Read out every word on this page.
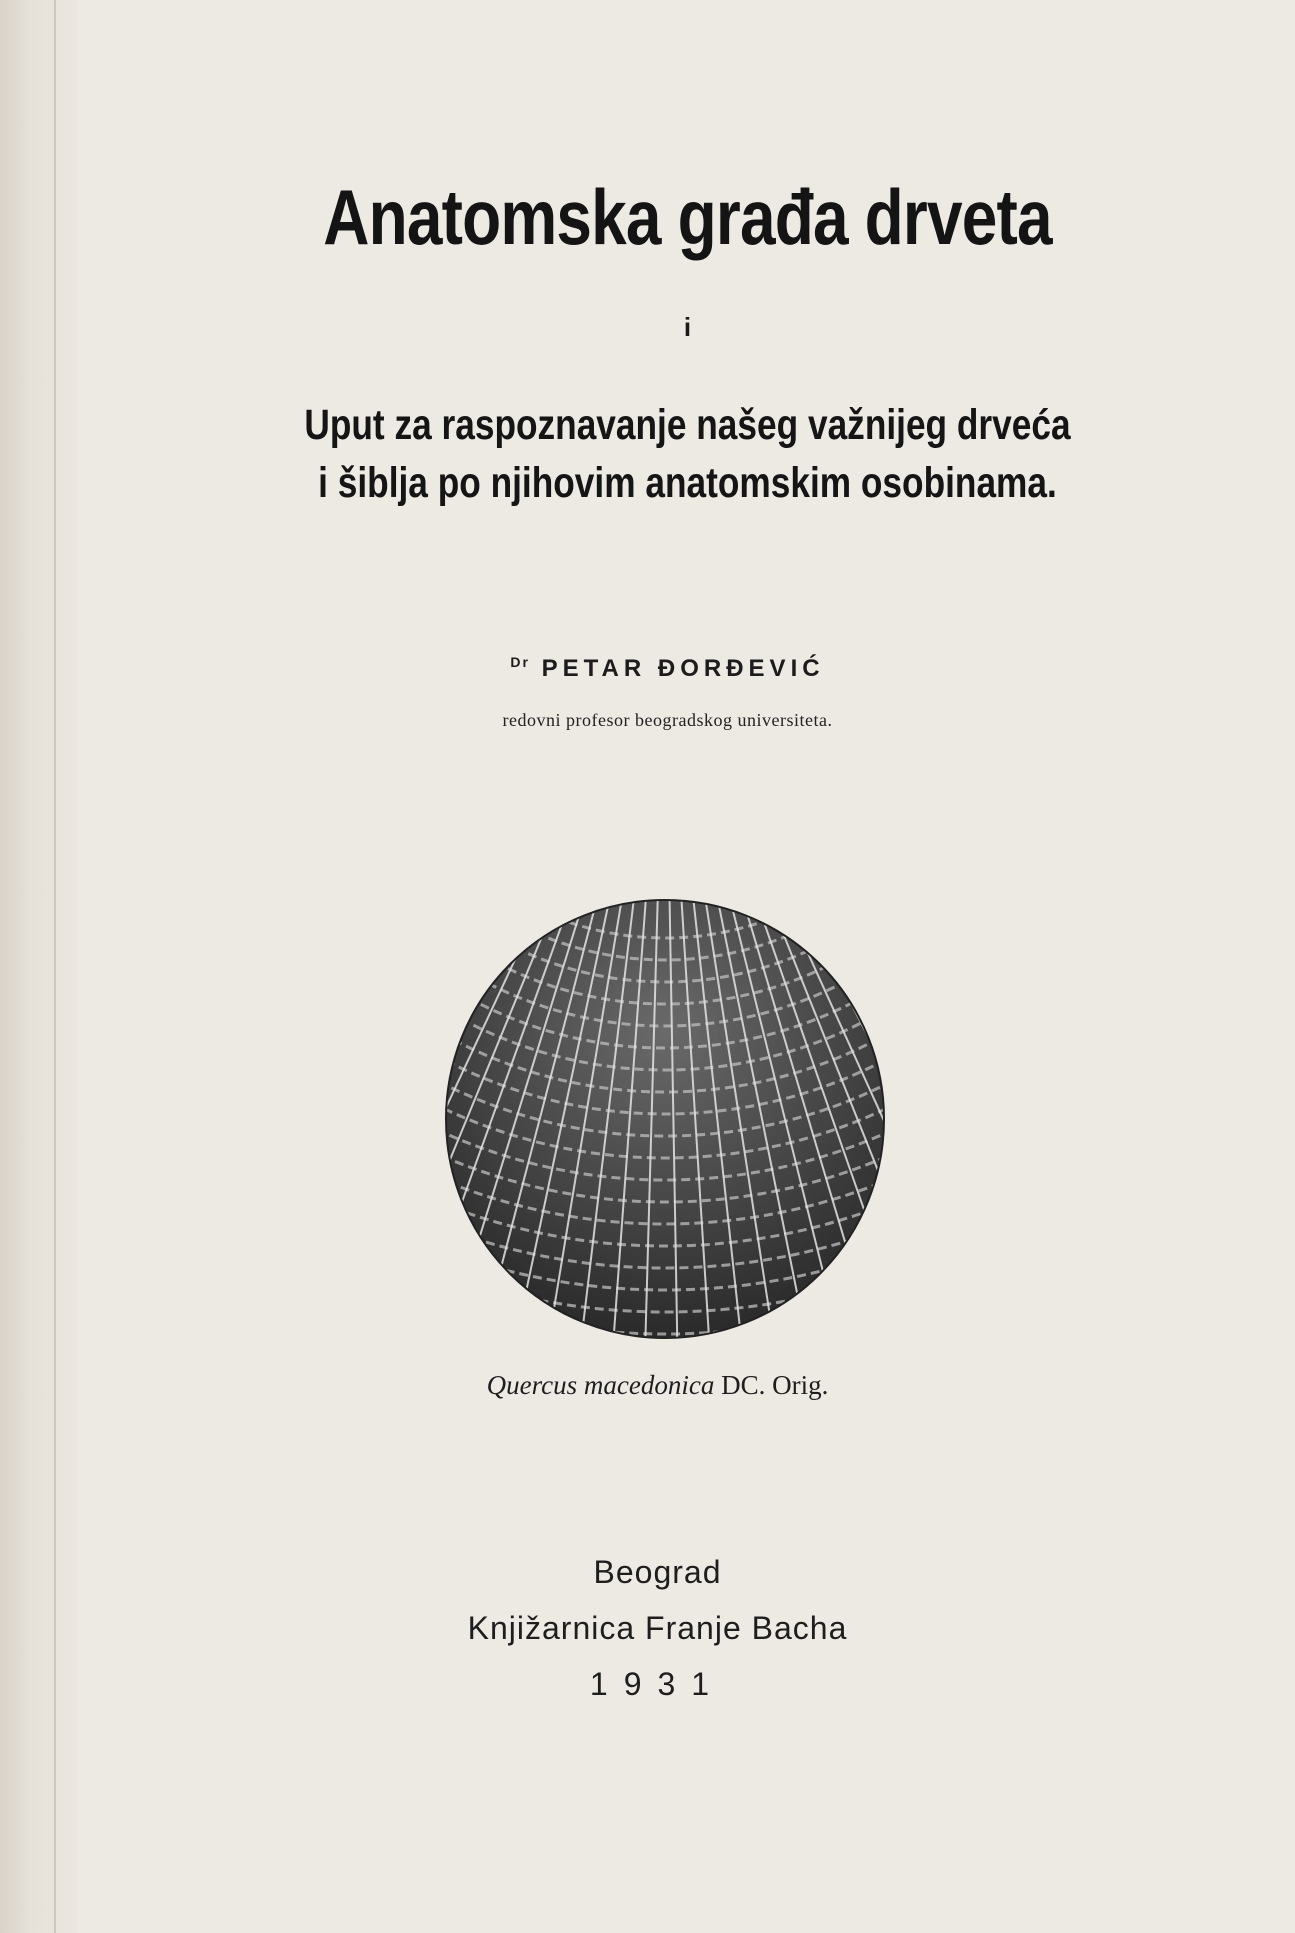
Anatomska građa drveta
i
Uput za raspoznavanje našeg važnijeg drveća
i šiblja po njihovim anatomskim osobinama.
$^{Dr}$ PETAR ĐORĐEVIĆ
redovni profesor beogradskog universiteta.
Quercus macedonica DC. Orig.
Beograd
Knjižarnica Franje Bacha
1931
